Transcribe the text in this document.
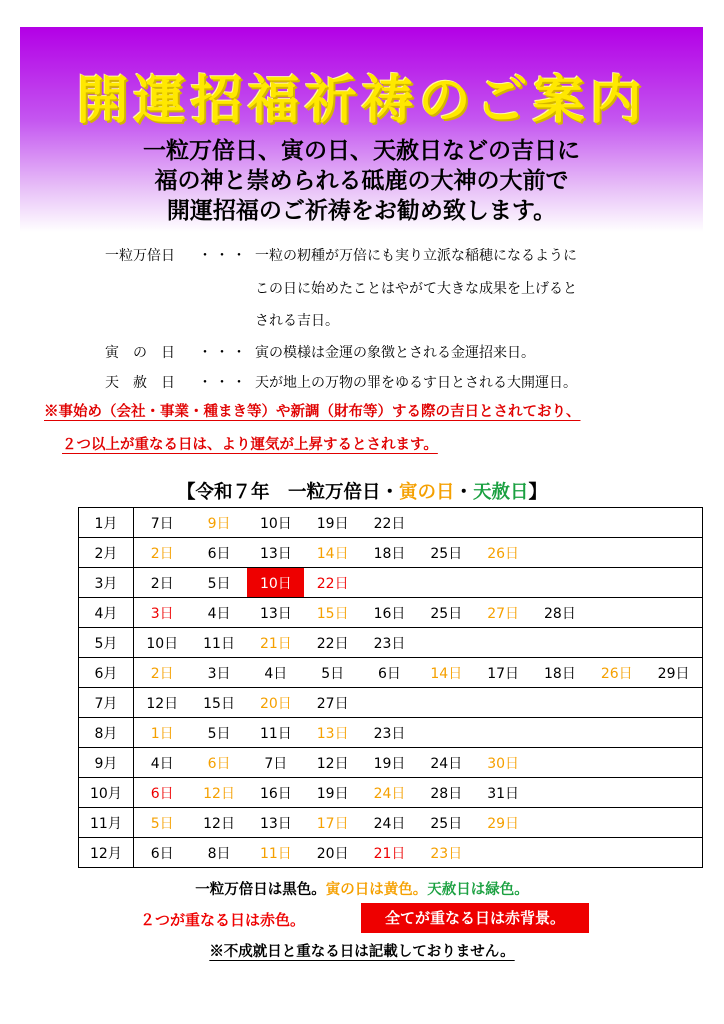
開運招福祈祷のご案内
一粒万倍日、寅の日、天赦日などの吉日に
福の神と崇められる砥鹿の大神の大前で
開運招福のご祈祷をお勧め致します。
一粒万倍日	・・・ 一粒の籾種が万倍にも実り立派な稲穂になるように
この日に始めたことはやがて大きな成果を上げると
される吉日。
寅　の　日	・・・ 寅の模様は金運の象徴とされる金運招来日。
天　赦　日	・・・ 天が地上の万物の罪をゆるす日とされる大開運日。
※事始め（会社・事業・種まき等）や新調（財布等）する際の吉日とされており、
２つ以上が重なる日は、より運気が上昇するとされます。
【令和７年　一粒万倍日・寅の日・天赦日】
1月	7日	9日	10日	19日	22日					
2月	2日	6日	13日	14日	18日	25日	26日			
3月	2日	5日	10日	22日						
4月	3日	4日	13日	15日	16日	25日	27日	28日		
5月	10日	11日	21日	22日	23日					
6月	2日	3日	4日	5日	6日	14日	17日	18日	26日	29日
7月	12日	15日	20日	27日						
8月	1日	5日	11日	13日	23日					
9月	4日	6日	7日	12日	19日	24日	30日			
10月	6日	12日	16日	19日	24日	28日	31日			
11月	5日	12日	13日	17日	24日	25日	29日			
12月	6日	8日	11日	20日	21日	23日				
一粒万倍日は黒色。寅の日は黄色。天赦日は緑色。
２つが重なる日は赤色。	全てが重なる日は赤背景。
※不成就日と重なる日は記載しておりません。
